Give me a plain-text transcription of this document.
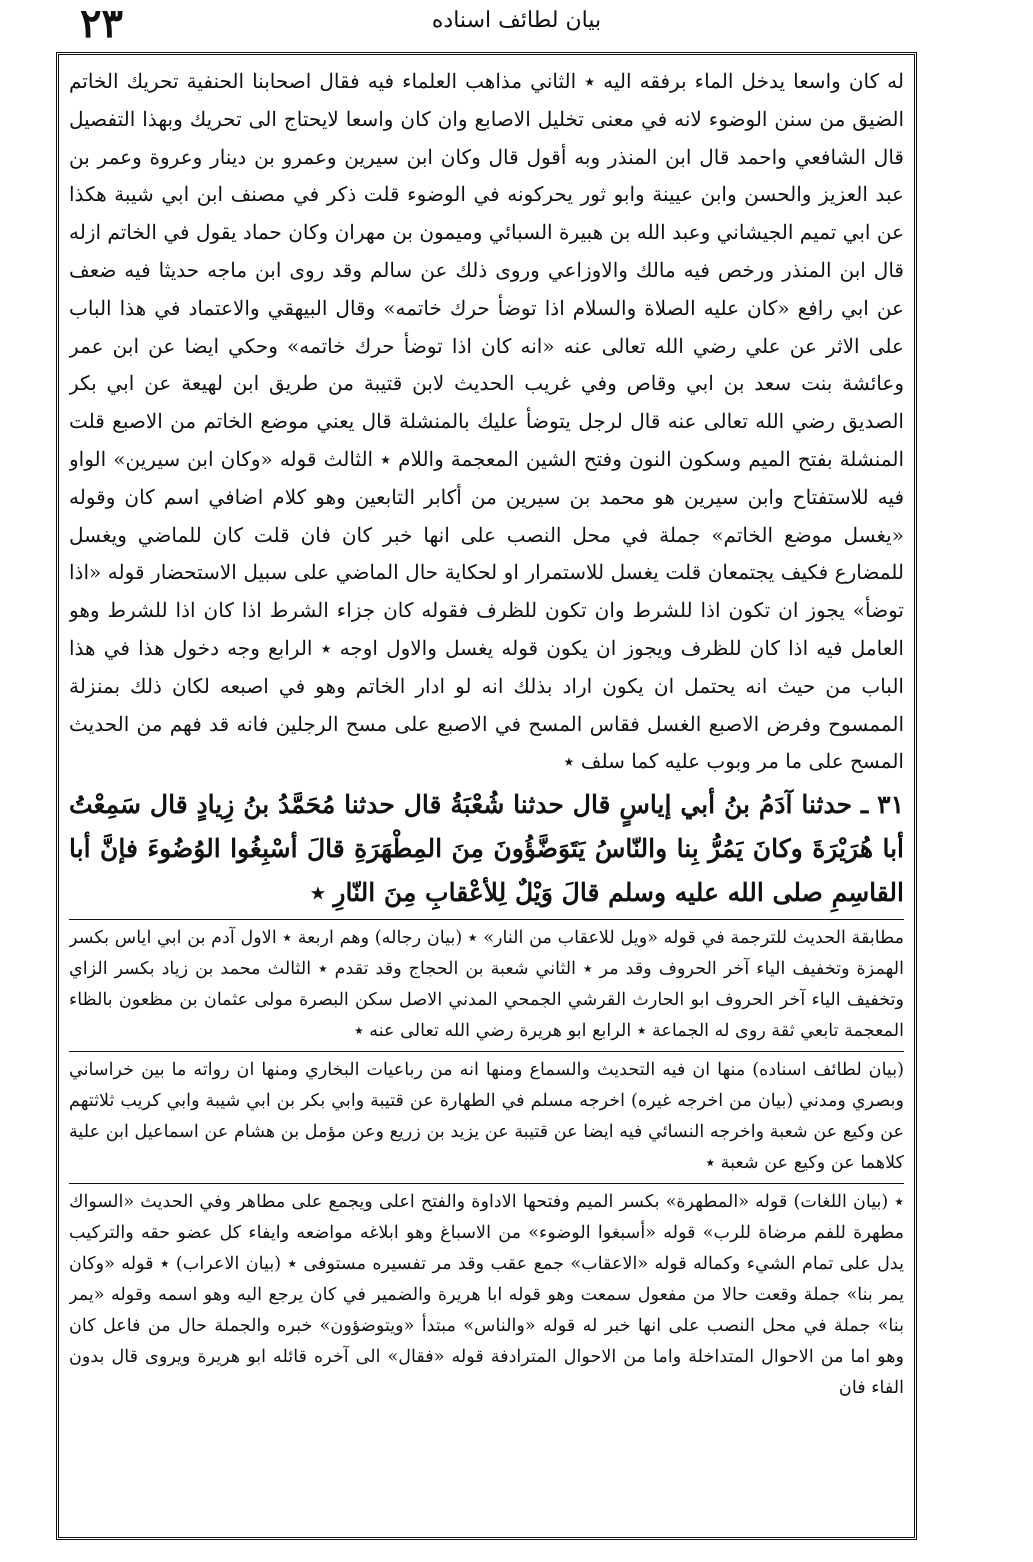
٢٣	بيان لطائف اسناده

له كان واسعا يدخل الماء برفقه اليه ٭ الثاني مذاهب العلماء فيه فقال اصحابنا الحنفية تحريك الخاتم الضيق من سنن الوضوء لانه في معنى تخليل الاصابع وان كان واسعا لايحتاج الى تحريك وبهذا التفصيل قال الشافعي واحمد قال ابن المنذر وبه أقول قال وكان ابن سيرين وعمرو بن دينار وعروة وعمر بن عبد العزيز والحسن وابن عيينة وابو ثور يحركونه في الوضوء قلت ذكر في مصنف ابن ابي شيبة هكذا عن ابي تميم الجيشاني وعبد الله بن هبيرة السبائي وميمون بن مهران وكان حماد يقول في الخاتم ازله قال ابن المنذر ورخص فيه مالك والاوزاعي وروى ذلك عن سالم وقد روى ابن ماجه حديثا فيه ضعف عن ابي رافع «كان عليه الصلاة والسلام اذا توضأ حرك خاتمه» وقال البيهقي والاعتماد في هذا الباب على الاثر عن علي رضي الله تعالى عنه «انه كان اذا توضأ حرك خاتمه» وحكي ايضا عن ابن عمر وعائشة بنت سعد بن ابي وقاص وفي غريب الحديث لابن قتيبة من طريق ابن لهيعة عن ابي بكر الصديق رضي الله تعالى عنه قال لرجل يتوضأ عليك بالمنشلة قال يعني موضع الخاتم من الاصبع قلت المنشلة بفتح الميم وسكون النون وفتح الشين المعجمة واللام ٭ الثالث قوله «وكان ابن سيرين» الواو فيه للاستفتاح وابن سيرين هو محمد بن سيرين من أكابر التابعين وهو كلام اضافي اسم كان وقوله «يغسل موضع الخاتم» جملة في محل النصب على انها خبر كان فان قلت كان للماضي ويغسل للمضارع فكيف يجتمعان قلت يغسل للاستمرار او لحكاية حال الماضي على سبيل الاستحضار قوله «اذا توضأ» يجوز ان تكون اذا للشرط وان تكون للظرف فقوله كان جزاء الشرط اذا كان اذا للشرط وهو العامل فيه اذا كان للظرف ويجوز ان يكون قوله يغسل والاول اوجه ٭ الرابع وجه دخول هذا في هذا الباب من حيث انه يحتمل ان يكون اراد بذلك انه لو ادار الخاتم وهو في اصبعه لكان ذلك بمنزلة الممسوح وفرض الاصبع الغسل فقاس المسح في الاصبع على مسح الرجلين فانه قد فهم من الحديث المسح على ما مر وبوب عليه كما سلف ٭

٣١ ـ حدثنا آدَمُ بنُ أبي إياسٍ قال حدثنا شُعْبَةُ قال حدثنا مُحَمَّدُ بنُ زِيادٍ قال سَمِعْتُ أبا هُرَيْرَةَ وكانَ يَمُرُّ بِنا والنّاسُ يَتَوَضَّؤُونَ مِنَ المِطْهَرَةِ قالَ أسْبِغُوا الوُضُوءَ فإنَّ أبا القاسِمِ صلى الله عليه وسلم قالَ وَيْلٌ لِلأعْقابِ مِنَ النّارِ ٭

مطابقة الحديث للترجمة في قوله «ويل للاعقاب من النار» ٭ (بيان رجاله) وهم اربعة ٭ الاول آدم بن ابي اياس بكسر الهمزة وتخفيف الياء آخر الحروف وقد مر ٭ الثاني شعبة بن الحجاج وقد تقدم ٭ الثالث محمد بن زياد بكسر الزاي وتخفيف الياء آخر الحروف ابو الحارث القرشي الجمحي المدني الاصل سكن البصرة مولى عثمان بن مظعون بالظاء المعجمة تابعي ثقة روى له الجماعة ٭ الرابع ابو هريرة رضي الله تعالى عنه ٭

(بيان لطائف اسناده) منها ان فيه التحديث والسماع ومنها انه من رباعيات البخاري ومنها ان رواته ما بين خراساني وبصري ومدني (بيان من اخرجه غيره) اخرجه مسلم في الطهارة عن قتيبة وابي بكر بن ابي شيبة وابي كريب ثلاثتهم عن وكيع عن شعبة واخرجه النسائي فيه ايضا عن قتيبة عن يزيد بن زريع وعن مؤمل بن هشام عن اسماعيل ابن علية كلاهما عن وكيع عن شعبة ٭

٭ (بيان اللغات) قوله «المطهرة» بكسر الميم وفتحها الاداوة والفتح اعلى ويجمع على مطاهر وفي الحديث «السواك مطهرة للفم مرضاة للرب» قوله «أسبغوا الوضوء» من الاسباغ وهو ابلاغه مواضعه وايفاء كل عضو حقه والتركيب يدل على تمام الشيء وكماله قوله «الاعقاب» جمع عقب وقد مر تفسيره مستوفى ٭ (بيان الاعراب) ٭ قوله «وكان يمر بنا» جملة وقعت حالا من مفعول سمعت وهو قوله ابا هريرة والضمير في كان يرجع اليه وهو اسمه وقوله «يمر بنا» جملة في محل النصب على انها خبر له قوله «والناس» مبتدأ «ويتوضؤون» خبره والجملة حال من فاعل كان وهو اما من الاحوال المتداخلة واما من الاحوال المترادفة قوله «فقال» الى آخره قائله ابو هريرة ويروى قال بدون الفاء فان
